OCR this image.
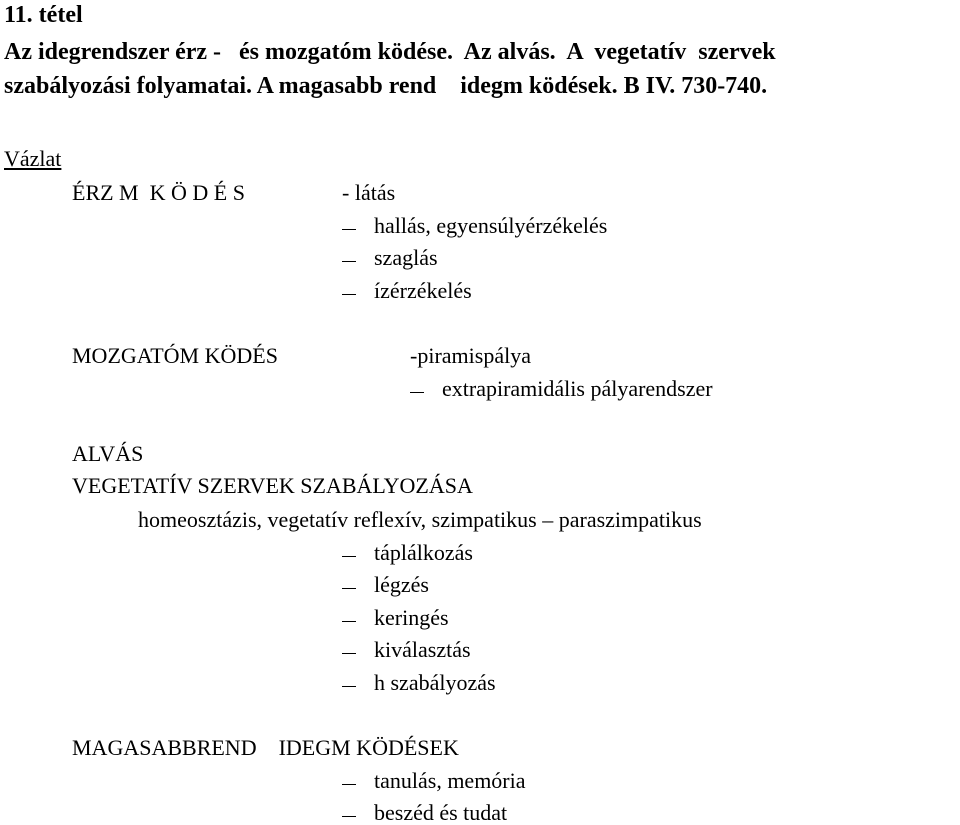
11. tétel
Az idegrendszer érz -   és mozgatóm ködése.  Az alvás.  A  vegetatív  szervek
szabályozási folyamatai. A magasabb rend    idegm ködések. B IV. 730-740.
Vázlat
ÉRZ M  K Ö D É S	- látás
hallás, egyensúlyérzékelés
szaglás
ízérzékelés
MOZGATÓM KÖDÉS	-piramispálya
extrapiramidális pályarendszer
ALVÁS
VEGETATÍV SZERVEK SZABÁLYOZÁSA
homeosztázis, vegetatív reflexív, szimpatikus – paraszimpatikus
táplálkozás
légzés
keringés
kiválasztás
h szabályozás
MAGASABBREND    IDEGM KÖDÉSEK
tanulás, memória
beszéd és tudat
